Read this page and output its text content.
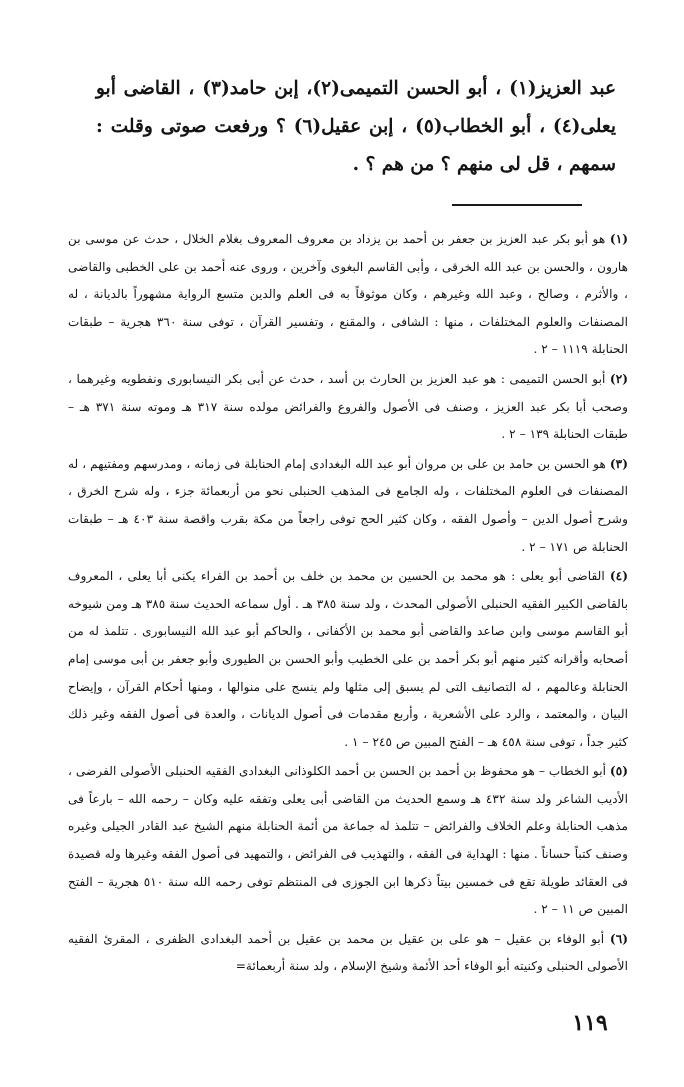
عبد العزيز(١) ، أبو الحسن التميمى(٢)، إبن حامد(٣) ، القاضى أبو يعلى(٤) ، أبو الخطاب(٥) ، إبن عقيل(٦) ؟ ورفعت صوتى وقلت : سمهم ، قل لى منهم ؟ من هم ؟ .

(١) هو أبو بكر عبد العزيز بن جعفر بن أحمد بن يزداد بن معروف المعروف بغلام الخلال ، حدث عن موسى بن هارون ، والحسن بن عبد الله الخرقى ، وأبى القاسم البغوى وآخرين ، وروى عنه أحمد بن على الخطبى والقاضى ، والأثرم ، وصالح ، وعبد الله وغيرهم ، وكان موثوقاً به فى العلم والدين متسع الرواية مشهوراً بالديانة ، له المصنفات والعلوم المختلفات ، منها : الشافى ، والمقنع ، وتفسير القرآن ، توفى سنة ٣٦٠ هجرية – طبقات الحنابلة ١١١٩ – ٢ .

(٢) أبو الحسن التميمى : هو عبد العزيز بن الحارث بن أسد ، حدث عن أبى بكر النيسابورى ونفطويه وغيرهما ، وصحب أبا بكر عبد العزيز ، وصنف فى الأصول والفروع والفرائض مولده سنة ٣١٧ هـ وموته سنة ٣٧١ هـ – طبقات الحنابلة ١٣٩ – ٢ .

(٣) هو الحسن بن حامد بن على بن مروان أبو عبد الله البغدادى إمام الحنابلة فى زمانه ، ومدرسهم ومفتيهم ، له المصنفات فى العلوم المختلفات ، وله الجامع فى المذهب الحنبلى نحو من أربعمائة جزء ، وله شرح الخرق ، وشرح أصول الدين – وأصول الفقه ، وكان كثير الحج توفى راجعاً من مكة بقرب واقصة سنة ٤٠٣ هـ – طبقات الحنابلة ص ١٧١ – ٢ .

(٤) القاضى أبو يعلى : هو محمد بن الحسين بن محمد بن خلف بن أحمد بن الفراء يكنى أبا يعلى ، المعروف بالقاضى الكبير الفقيه الحنبلى الأصولى المحدث ، ولد سنة ٣٨٥ هـ . أول سماعه الحديث سنة ٣٨٥ هـ ومن شيوخه أبو القاسم موسى وابن صاعد والقاضى أبو محمد بن الأكفانى ، والحاكم أبو عبد الله النيسابورى . تتلمذ له من أصحابه وأقرانه كثير منهم أبو بكر أحمد بن على الخطيب وأبو الحسن بن الطيورى وأبو جعفر بن أبى موسى إمام الحنابلة وعالمهم ، له التصانيف التى لم يسبق إلى مثلها ولم ينسج على منوالها ، ومنها أحكام القرآن ، وإيضاح البيان ، والمعتمد ، والرد على الأشعرية ، وأربع مقدمات فى أصول الديانات ، والعدة فى أصول الفقه وغير ذلك كثير جداً ، توفى سنة ٤٥٨ هـ – الفتح المبين ص ٢٤٥ – ١ .

(٥) أبو الخطاب – هو محفوظ بن أحمد بن الحسن بن أحمد الكلوذانى البغدادى الفقيه الحنبلى الأصولى الفرضى ، الأديب الشاعر ولد سنة ٤٣٢ هـ وسمع الحديث من القاضى أبى يعلى وتفقه عليه وكان – رحمه الله – بارعاً فى مذهب الحنابلة وعلم الخلاف والفرائض – تتلمذ له جماعة من أئمة الحنابلة منهم الشيخ عبد القادر الجيلى وغيره وصنف كتباً حساناً . منها : الهداية فى الفقه ، والتهذيب فى الفرائض ، والتمهيد فى أصول الفقه وغيرها وله قصيدة فى العقائد طويلة تقع فى خمسين بيتاً ذكرها ابن الجوزى فى المنتظم توفى رحمه الله سنة ٥١٠ هجرية – الفتح المبين ص ١١ – ٢ .

(٦) أبو الوفاء بن عقيل – هو على بن عقيل بن محمد بن عقيل بن أحمد البغدادى الظفرى ، المقرئ الفقيه الأصولى الحنبلى وكنيته أبو الوفاء أحد الأئمة وشيخ الإسلام ، ولد سنة أربعمائة=

١١٩
